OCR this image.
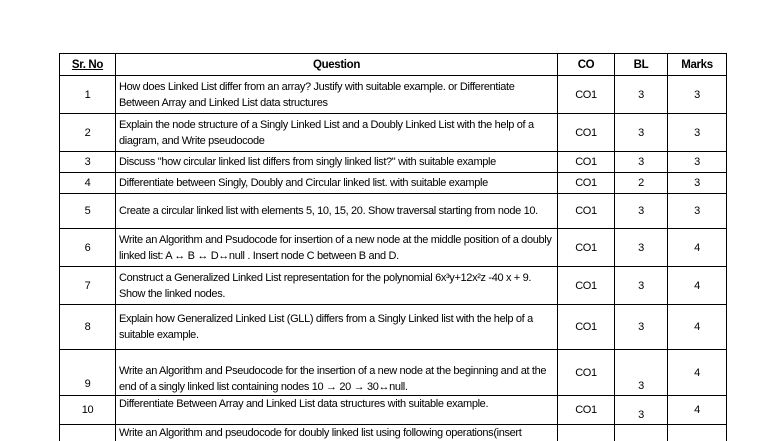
Sr. No	Question	CO	BL	Marks
1	How does Linked List differ from an array? Justify with suitable example. or Differentiate Between Array and Linked List data structures	CO1	3	3
2	Explain the node structure of a Singly Linked List and a Doubly Linked List with the help of a diagram, and Write pseudocode	CO1	3	3
3	Discuss "how circular linked list differs from singly linked list?" with suitable example	CO1	3	3
4	Differentiate between Singly, Doubly and Circular linked list. with suitable example	CO1	2	3
5	Create a circular linked list with elements 5, 10, 15, 20. Show traversal starting from node 10.	CO1	3	3
6	Write an Algorithm and Psudocode for insertion of a new node at the middle position of a doubly linked list: A ↔ B ↔ D↔null . Insert node C between B and D.	CO1	3	4
7	Construct a Generalized Linked List representation for the polynomial 6x³y+12x²z -40 x + 9. Show the linked nodes.	CO1	3	4
8	Explain how Generalized Linked List (GLL) differs from a Singly Linked list with the help of a suitable example.	CO1	3	4
9	Write an Algorithm and Pseudocode for the insertion of a new node at the beginning and at the end of a singly linked list containing nodes 10 → 20 → 30↔null.	CO1	3	4
10	Differentiate Between Array and Linked List data structures with suitable example.	CO1	3	4
	Write an Algorithm and pseudocode for doubly linked list using following operations(insert			
